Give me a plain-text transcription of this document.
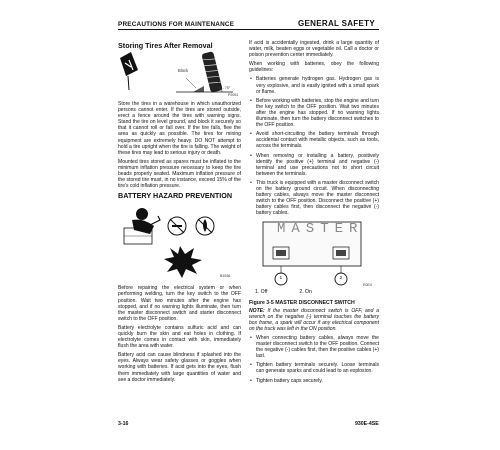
PRECAUTIONS FOR MAINTENANCE	GENERAL SAFETY
Storing Tires After Removal
Block
90 - 75°
P2051

Store the tires in a warehouse in which unauthorized persons cannot enter. If the tires are stored outside, erect a fence around the tires with warning signs. Stand the tire on level ground, and block it securely so that it cannot roll or fall over. If the tire falls, flee the area as quickly as possible. The tires for mining equipment are extremely heavy. DO NOT attempt to hold a tire upright when the tire is falling. The weight of these tires may lead to serious injury or death.

Mounted tires stored as spares must be inflated to the minimum inflation pressure necessary to keep the tire beads properly seated. Maximum inflation pressure of the stored tire must, in no instance, exceed 15% of the tire's cold inflation pressure.

BATTERY HAZARD PREVENTION
B1536

Before repairing the electrical system or when performing welding, turn the key switch to the OFF position. Wait two minutes after the engine has stopped, and if no warning lights illuminate, then turn the master disconnect switch and starter disconnect switch to the OFF position.

Battery electrolyte contains sulfuric acid and can quickly burn the skin and eat holes in clothing. If electrolyte comes in contact with skin, immediately flush the area with water.

Battery acid can cause blindness if splashed into the eyes. Always wear safety glasses or goggles when working with batteries. If acid gets into the eyes, flush them immediately with large quantities of water and see a doctor immediately.

If acid is accidentally ingested, drink a large quantity of water, milk, beaten eggs or vegetable oil. Call a doctor or poison prevention center immediately.

When working with batteries, obey the following guidelines:

• Batteries generate hydrogen gas. Hydrogen gas is very explosive, and is easily ignited with a small spark or flame.
• Before working with batteries, stop the engine and turn the key switch to the OFF position. Wait two minutes after the engine has stopped. If no warning lights illuminate, then turn the battery disconnect switches to the OFF position.
• Avoid short-circuiting the battery terminals through accidental contact with metallic objects, such as tools, across the terminals.
• When removing or installing a battery, positively identify the positive (+) terminal and negative (-) terminal and use precautions not to short circuit between the terminals.
• This truck is equipped with a master disconnect switch on the battery ground circuit. When disconnecting battery cables, always move the master disconnect switch to the OFF position. Disconnect the positive (+) battery cables first, then disconnect the negative (-) battery cables.
MASTER
1	2
E0E4
1. Off	2. On
Figure 3-5 MASTER DISCONNECT SWITCH

NOTE: If the master disconnect switch is OFF, and a wrench on the negative (-) terminal touches the battery box frame, a spark will occur if any electrical component on the truck was left in the ON position.

• When connecting battery cables, always move the master disconnect switch to the OFF position. Connect the negative (-) cables first, then the positive cables (+) last.
• Tighten battery terminals securely. Loose terminals can generate sparks and could lead to an explosion.
• Tighten battery caps securely.
3-16	930E-4SE
